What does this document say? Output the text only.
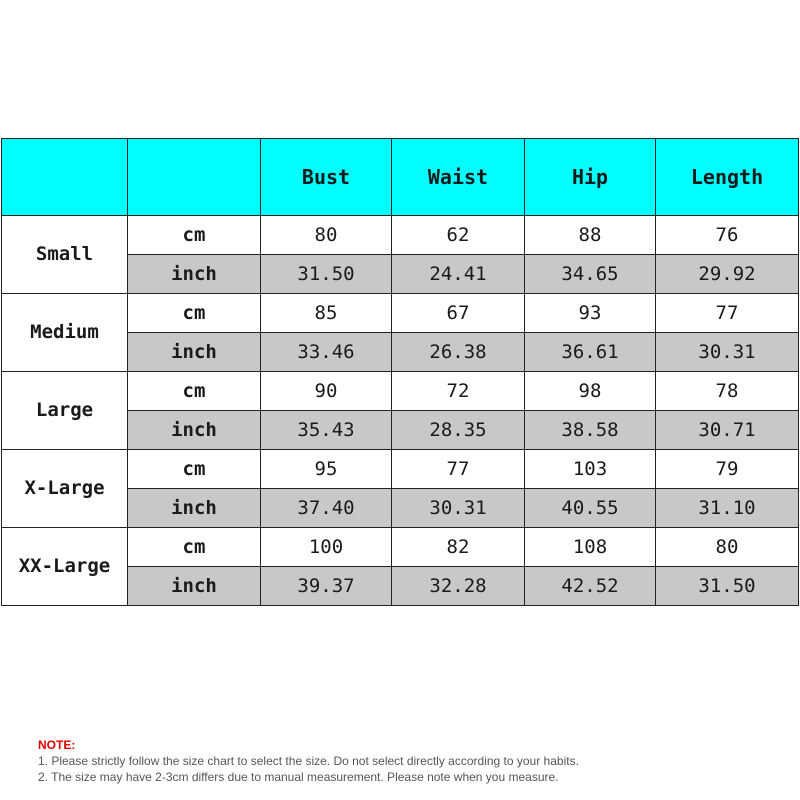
		Bust	Waist	Hip	Length
Small	cm	80	62	88	76
	inch	31.50	24.41	34.65	29.92
Medium	cm	85	67	93	77
	inch	33.46	26.38	36.61	30.31
Large	cm	90	72	98	78
	inch	35.43	28.35	38.58	30.71
X-Large	cm	95	77	103	79
	inch	37.40	30.31	40.55	31.10
XX-Large	cm	100	82	108	80
	inch	39.37	32.28	42.52	31.50
NOTE:
1. Please strictly follow the size chart to select the size. Do not select directly according to your habits.
2. The size may have 2-3cm differs due to manual measurement. Please note when you measure.
